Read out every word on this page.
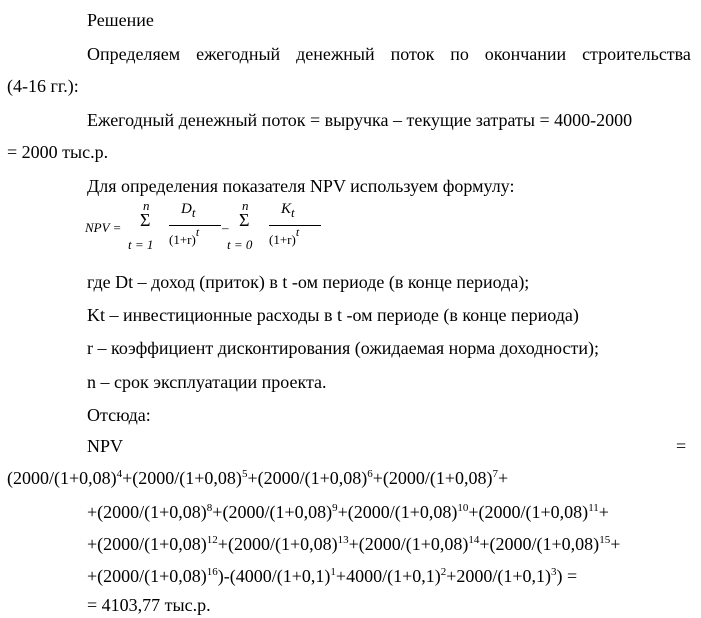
Решение
Определяем ежегодный денежный поток по окончании строительства
(4-16 гг.):
Ежегодный денежный поток = выручка – текущие затраты = 4000-2000
= 2000 тыс.р.
Для определения показателя NPV используем формулу:
NPV =
n
Σ
t = 1
$D_t$
$(1+r)^t$ –
n
Σ
t = 0
$K_t$
$(1+r)^t$
где Dt – доход (приток) в t -ом периоде (в конце периода);
Kt – инвестиционные расходы в t -ом периоде (в конце периода)
r – коэффициент дисконтирования (ожидаемая норма доходности);
n – срок эксплуатации проекта.
Отсюда:
NPV	=
($2000/(1+0,08)^4+(2000/(1+0,08)^5+(2000/(1+0,08)^6+(2000/(1+0,08)^7+$
$+(2000/(1+0,08)^8+(2000/(1+0,08)^9+(2000/(1+0,08)^{10}+(2000/(1+0,08)^{11}+$
$+(2000/(1+0,08)^{12}+(2000/(1+0,08)^{13}+(2000/(1+0,08)^{14}+(2000/(1+0,08)^{15}+$
$+(2000/(1+0,08)^{16})-(4000/(1+0,1)^1+4000/(1+0,1)^2+2000/(1+0,1)^3)$ =
= 4103,77 тыс.р.
